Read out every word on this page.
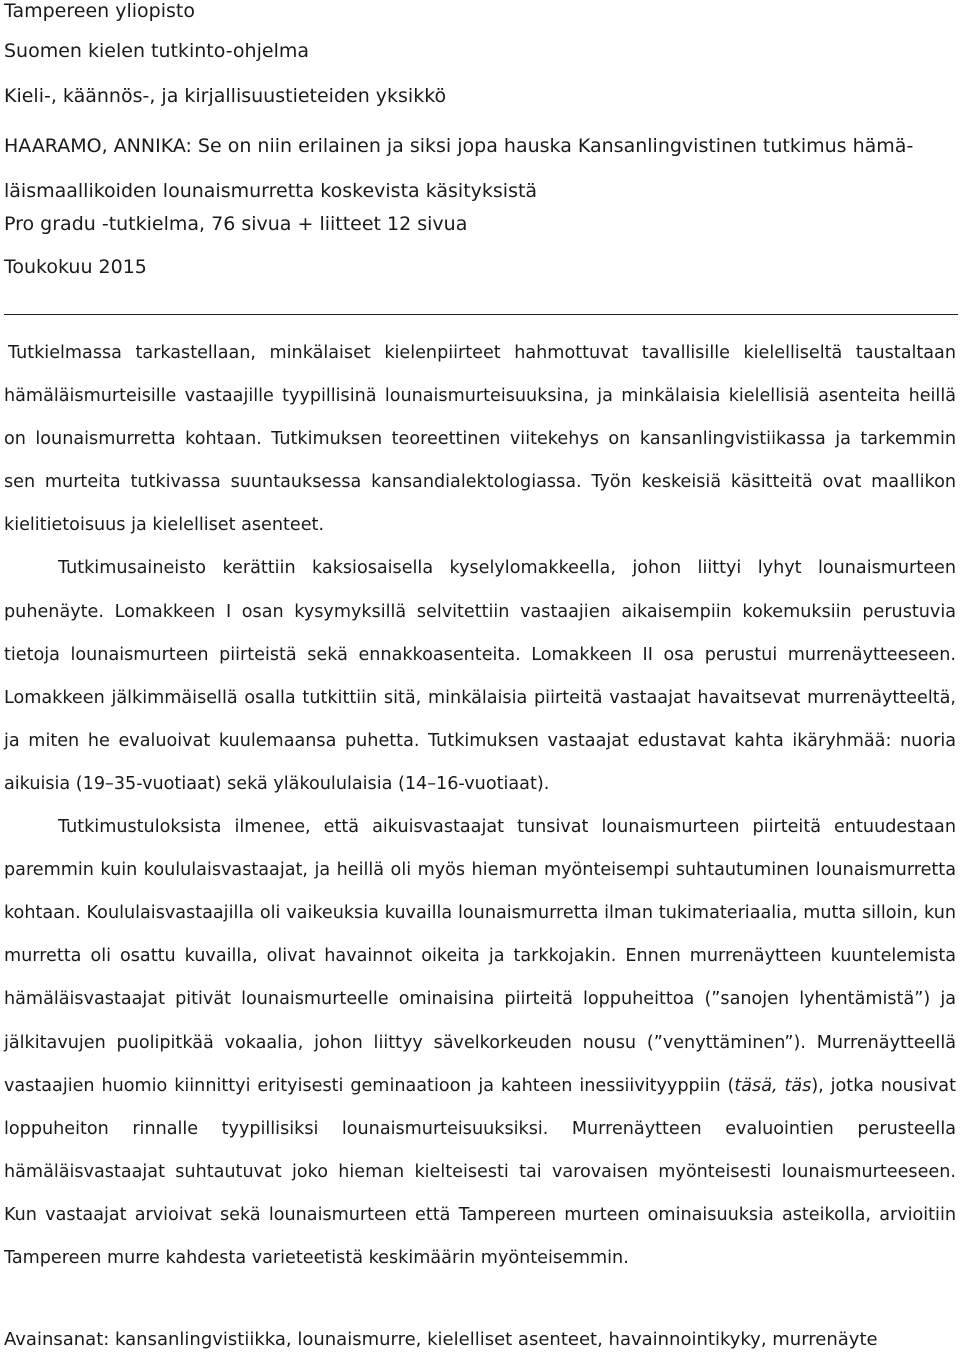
Tampereen yliopisto
Suomen kielen tutkinto-ohjelma
Kieli-, käännös-, ja kirjallisuustieteiden yksikkö
HAARAMO, ANNIKA: Se on niin erilainen ja siksi jopa hauska Kansanlingvistinen tutkimus hämä-

läismaallikoiden lounaismurretta koskevista käsityksistä
Pro gradu -tutkielma, 76 sivua + liitteet 12 sivua
Toukokuu 2015

Tutkielmassa tarkastellaan, minkälaiset kielenpiirteet hahmottuvat tavallisille kielelliseltä taustaltaan hämäläismurteisille vastaajille tyypillisinä lounaismurteisuuksina, ja minkälaisia kielellisiä asenteita heillä on lounaismurretta kohtaan. Tutkimuksen teoreettinen viitekehys on kansanlingvistiikassa ja tarkemmin sen murteita tutkivassa suuntauksessa kansandialektologiassa. Työn keskeisiä käsitteitä ovat maallikon kielitietoisuus ja kielelliset asenteet.

Tutkimusaineisto kerättiin kaksiosaisella kyselylomakkeella, johon liittyi lyhyt lounaismurteen puhenäyte. Lomakkeen I osan kysymyksillä selvitettiin vastaajien aikaisempiin kokemuksiin perustuvia tietoja lounaismurteen piirteistä sekä ennakkoasenteita. Lomakkeen II osa perustui murrenäytteeseen. Lomakkeen jälkimmäisellä osalla tutkittiin sitä, minkälaisia piirteitä vastaajat havaitsevat murrenäytteeltä, ja miten he evaluoivat kuulemaansa puhetta. Tutkimuksen vastaajat edustavat kahta ikäryhmää: nuoria aikuisia (19–35-vuotiaat) sekä yläkoululaisia (14–16-vuotiaat).

Tutkimustuloksista ilmenee, että aikuisvastaajat tunsivat lounaismurteen piirteitä entuudestaan paremmin kuin koululaisvastaajat, ja heillä oli myös hieman myönteisempi suhtautuminen lounaismurretta kohtaan. Koululaisvastaajilla oli vaikeuksia kuvailla lounaismurretta ilman tukimateriaalia, mutta silloin, kun murretta oli osattu kuvailla, olivat havainnot oikeita ja tarkkojakin. Ennen murrenäytteen kuuntelemista hämäläisvastaajat pitivät lounaismurteelle ominaisina piirteitä loppuheittoa (”sanojen lyhentämistä”) ja jälkitavujen puolipitkää vokaalia, johon liittyy sävelkorkeuden nousu (”venyttäminen”). Murrenäytteellä vastaajien huomio kiinnittyi erityisesti geminaatioon ja kahteen inessiivityyppiin (täsä, täs), jotka nousivat loppuheiton rinnalle tyypillisiksi lounaismurteisuuksiksi. Murrenäytteen evaluointien perusteella hämäläisvastaajat suhtautuvat joko hieman kielteisesti tai varovaisen myönteisesti lounaismurteeseen. Kun vastaajat arvioivat sekä lounaismurteen että Tampereen murteen ominaisuuksia asteikolla, arvioitiin Tampereen murre kahdesta varieteetistä keskimäärin myönteisemmin.

Avainsanat: kansanlingvistiikka, lounaismurre, kielelliset asenteet, havainnointikyky, murrenäyte
